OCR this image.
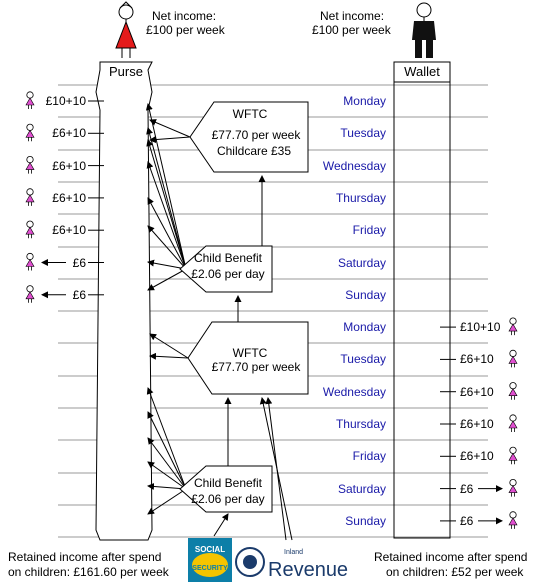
Net income:
£100 per week
Net income:
£100 per week
Purse	Wallet
Monday
Tuesday
Wednesday
Thursday
Friday
Saturday
Sunday
Monday
Tuesday
Wednesday
Thursday
Friday
Saturday
Sunday
£10+10
£6+10
£6+10
£6+10
£6+10
£6
£6
£10+10
£6+10
£6+10
£6+10
£6+10
£6
£6
WFTC
£77.70 per week
Childcare £35
Child Benefit
£2.06 per day
WFTC
£77.70 per week
Child Benefit
£2.06 per day
SOCIAL
SECURITY
Inland
Revenue
Retained income after spend
on children: £161.60 per week
Retained income after spend
on children: £52 per week
